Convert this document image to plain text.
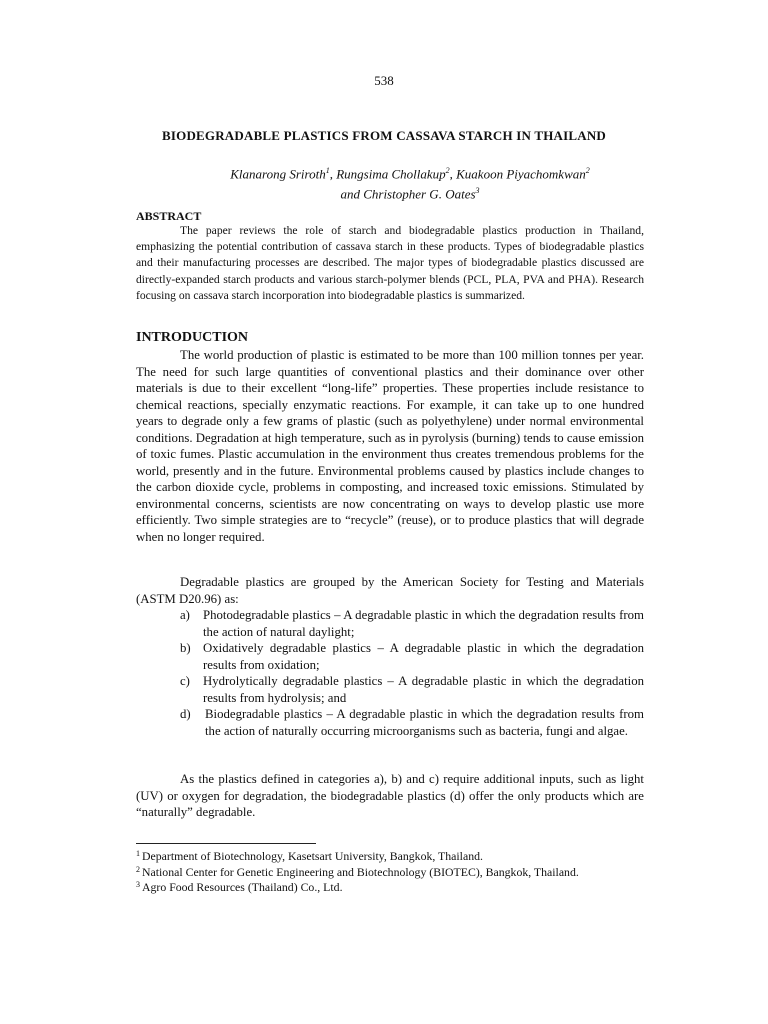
538
BIODEGRADABLE PLASTICS FROM CASSAVA STARCH IN THAILAND
Klanarong Sriroth$^1$, Rungsima Chollakup$^2$, Kuakoon Piyachomkwan$^2$
and Christopher G. Oates$^3$
ABSTRACT
The paper reviews the role of starch and biodegradable plastics production in Thailand, emphasizing the potential contribution of cassava starch in these products. Types of biodegradable plastics and their manufacturing processes are described. The major types of biodegradable plastics discussed are directly-expanded starch products and various starch-polymer blends (PCL, PLA, PVA and PHA). Research focusing on cassava starch incorporation into biodegradable plastics is summarized.
INTRODUCTION
The world production of plastic is estimated to be more than 100 million tonnes per year. The need for such large quantities of conventional plastics and their dominance over other materials is due to their excellent “long-life” properties. These properties include resistance to chemical reactions, specially enzymatic reactions. For example, it can take up to one hundred years to degrade only a few grams of plastic (such as polyethylene) under normal environmental conditions. Degradation at high temperature, such as in pyrolysis (burning) tends to cause emission of toxic fumes. Plastic accumulation in the environment thus creates tremendous problems for the world, presently and in the future. Environmental problems caused by plastics include changes to the carbon dioxide cycle, problems in composting, and increased toxic emissions. Stimulated by environmental concerns, scientists are now concentrating on ways to develop plastic use more efficiently. Two simple strategies are to “recycle” (reuse), or to produce plastics that will degrade when no longer required.
Degradable plastics are grouped by the American Society for Testing and Materials (ASTM D20.96) as:
a) Photodegradable plastics – A degradable plastic in which the degradation results from the action of natural daylight;
b) Oxidatively degradable plastics – A degradable plastic in which the degradation results from oxidation;
c) Hydrolytically degradable plastics – A degradable plastic in which the degradation results from hydrolysis; and
d) Biodegradable plastics – A degradable plastic in which the degradation results from the action of naturally occurring microorganisms such as bacteria, fungi and algae.
As the plastics defined in categories a), b) and c) require additional inputs, such as light (UV) or oxygen for degradation, the biodegradable plastics (d) offer the only products which are “naturally” degradable.
$^1$ Department of Biotechnology, Kasetsart University, Bangkok, Thailand.
$^2$ National Center for Genetic Engineering and Biotechnology (BIOTEC), Bangkok, Thailand.
$^3$ Agro Food Resources (Thailand) Co., Ltd.
